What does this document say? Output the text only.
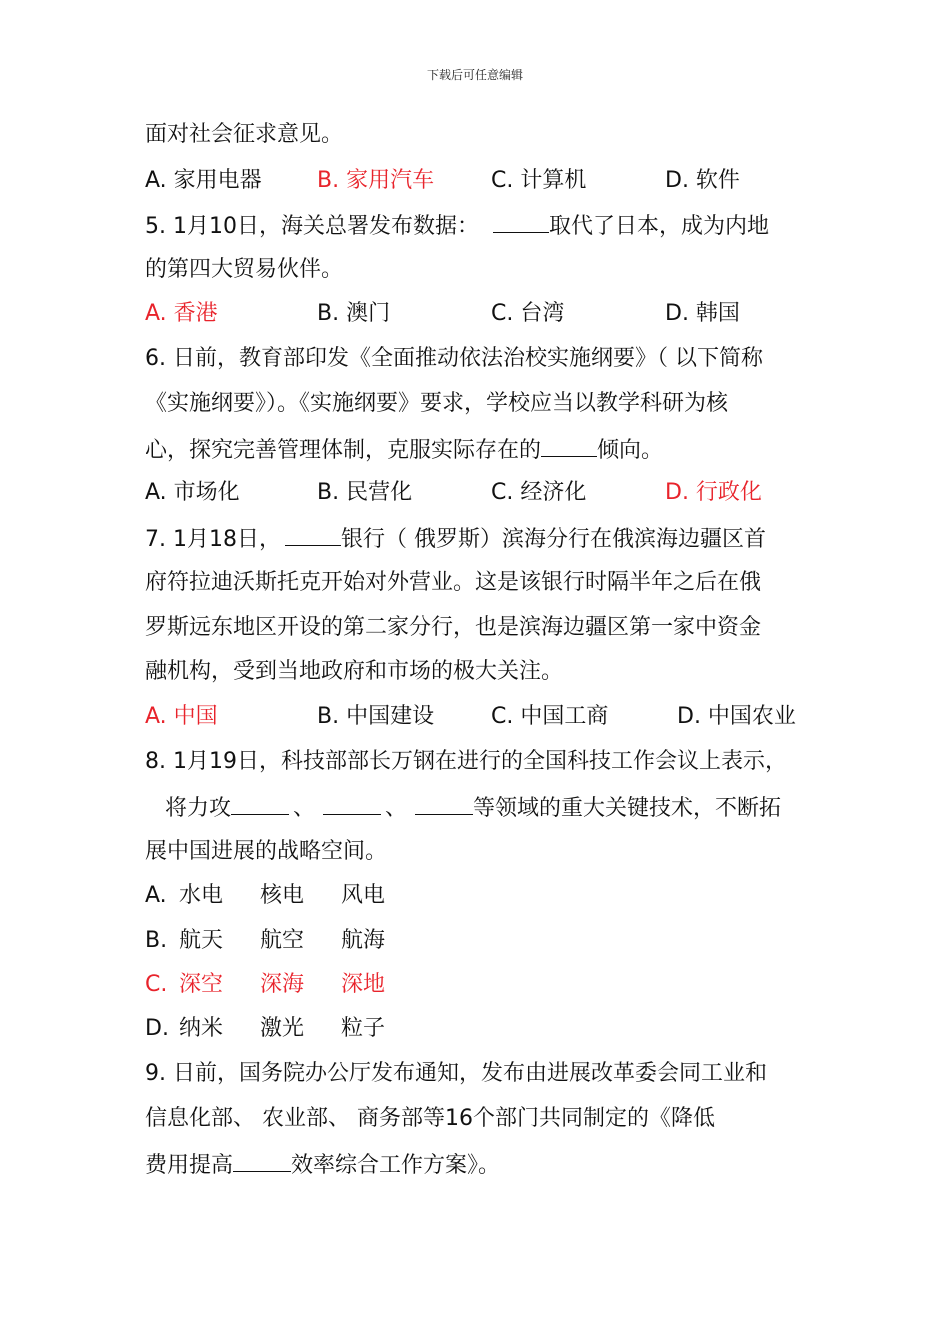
下载后可任意编辑
面对社会征求意见。
A. 家用电器	B. 家用汽车	C. 计算机	D. 软件
5. 1月10日，海关总署发布数据：	取代了日本，成为内地
的第四大贸易伙伴。
A. 香港	B. 澳门	C. 台湾	D. 韩国
6. 日前，教育部印发《全面推动依法治校实施纲要》（ 以下简称
《实施纲要》）。《实施纲要》要求，学校应当以教学科研为核
心，探究完善管理体制，克服实际存在的	倾向。
A. 市场化	B. 民营化	C. 经济化	D. 行政化
7. 1月18日，	银行（ 俄罗斯）滨海分行在俄滨海边疆区首
府符拉迪沃斯托克开始对外营业。这是该银行时隔半年之后在俄
罗斯远东地区开设的第二家分行，也是滨海边疆区第一家中资金
融机构，受到当地政府和市场的极大关注。
A. 中国	B. 中国建设	C. 中国工商	D. 中国农业
8. 1月19日，科技部部长万钢在进行的全国科技工作会议上表示，
将力攻	、	、	等领域的重大关键技术，不断拓
展中国进展的战略空间。
A. 水电 核电 风电
B. 航天 航空 航海
C. 深空 深海 深地
D. 纳米 激光 粒子
9. 日前，国务院办公厅发布通知，发布由进展改革委会同工业和
信息化部、 农业部、 商务部等16个部门共同制定的《降低
费用提高	效率综合工作方案》。
